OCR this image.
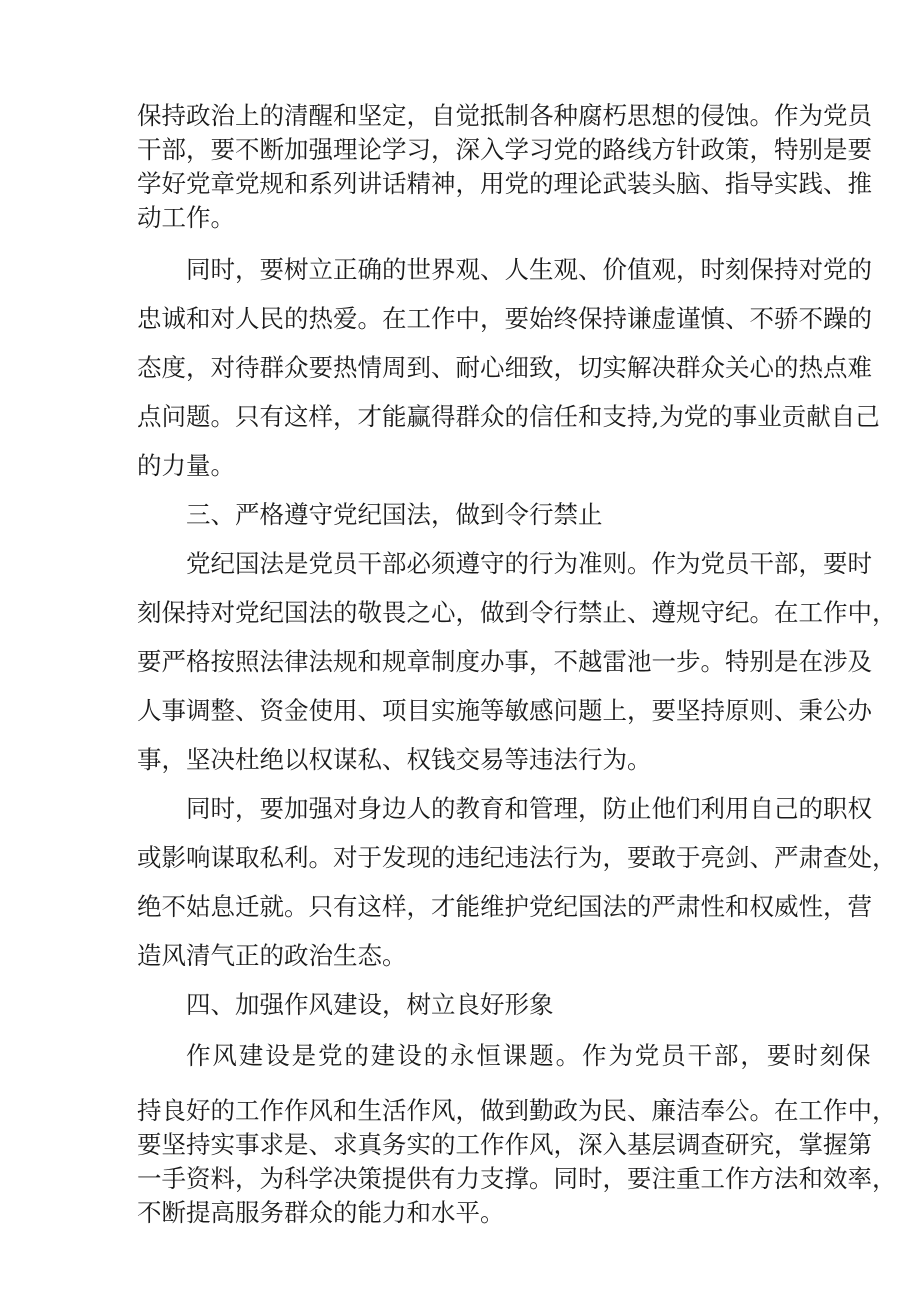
保持政治上的清醒和坚定，自觉抵制各种腐朽思想的侵蚀。作为党员
干部，要不断加强理论学习，深入学习党的路线方针政策，特别是要
学好党章党规和系列讲话精神，用党的理论武装头脑、指导实践、推
动工作。
同时，要树立正确的世界观、人生观、价值观，时刻保持对党的
忠诚和对人民的热爱。在工作中，要始终保持谦虚谨慎、不骄不躁的
态度，对待群众要热情周到、耐心细致，切实解决群众关心的热点难
点问题。只有这样，才能赢得群众的信任和支持,为党的事业贡献自己
的力量。
三、严格遵守党纪国法，做到令行禁止
党纪国法是党员干部必须遵守的行为准则。作为党员干部，要时
刻保持对党纪国法的敬畏之心，做到令行禁止、遵规守纪。在工作中，
要严格按照法律法规和规章制度办事，不越雷池一步。特别是在涉及
人事调整、资金使用、项目实施等敏感问题上，要坚持原则、秉公办
事，坚决杜绝以权谋私、权钱交易等违法行为。
同时，要加强对身边人的教育和管理，防止他们利用自己的职权
或影响谋取私利。对于发现的违纪违法行为，要敢于亮剑、严肃查处，
绝不姑息迁就。只有这样，才能维护党纪国法的严肃性和权威性，营
造风清气正的政治生态。
四、加强作风建设，树立良好形象
作风建设是党的建设的永恒课题。作为党员干部，要时刻保
持良好的工作作风和生活作风，做到勤政为民、廉洁奉公。在工作中，
要坚持实事求是、求真务实的工作作风，深入基层调查研究，掌握第
一手资料，为科学决策提供有力支撑。同时，要注重工作方法和效率，
不断提高服务群众的能力和水平。
